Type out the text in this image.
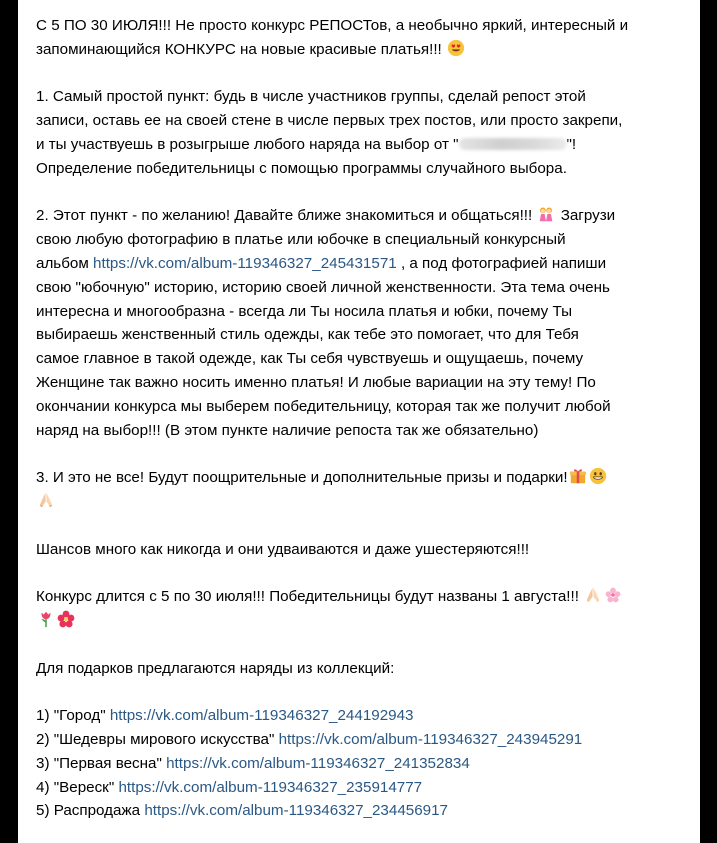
С 5 ПО 30 ИЮЛЯ!!! Не просто конкурс РЕПОСТов, а необычно яркий, интересный и
запоминающийся КОНКУРС на новые красивые платья!!!
1. Самый простой пункт: будь в числе участников группы, сделай репост этой
записи, оставь ее на своей стене в числе первых трех постов, или просто закрепи,
и ты участвуешь в розыгрыше любого наряда на выбор от "	"!
Определение победительницы с помощью программы случайного выбора.
2. Этот пункт - по желанию! Давайте ближе знакомиться и общаться!!!  Загрузи
свою любую фотографию в платье или юбочке в специальный конкурсный
альбом https://vk.com/album-119346327_245431571 , а под фотографией напиши
свою "юбочную" историю, историю своей личной женственности. Эта тема очень
интересна и многообразна - всегда ли Ты носила платья и юбки, почему Ты
выбираешь женственный стиль одежды, как тебе это помогает, что для Тебя
самое главное в такой одежде, как Ты себя чувствуешь и ощущаешь, почему
Женщине так важно носить именно платья! И любые вариации на эту тему! По
окончании конкурса мы выберем победительницу, которая так же получит любой
наряд на выбор!!! (В этом пункте наличие репоста так же обязательно)
3. И это не все! Будут поощрительные и дополнительные призы и подарки!
Шансов много как никогда и они удваиваются и даже ушестеряются!!!
Конкурс длится с 5 по 30 июля!!! Победительницы будут названы 1 августа!!!
Для подарков предлагаются наряды из коллекций:
1) "Город" https://vk.com/album-119346327_244192943
2) "Шедевры мирового искусства" https://vk.com/album-119346327_243945291
3) "Первая весна" https://vk.com/album-119346327_241352834
4) "Вереск" https://vk.com/album-119346327_235914777
5) Распродажа https://vk.com/album-119346327_234456917
